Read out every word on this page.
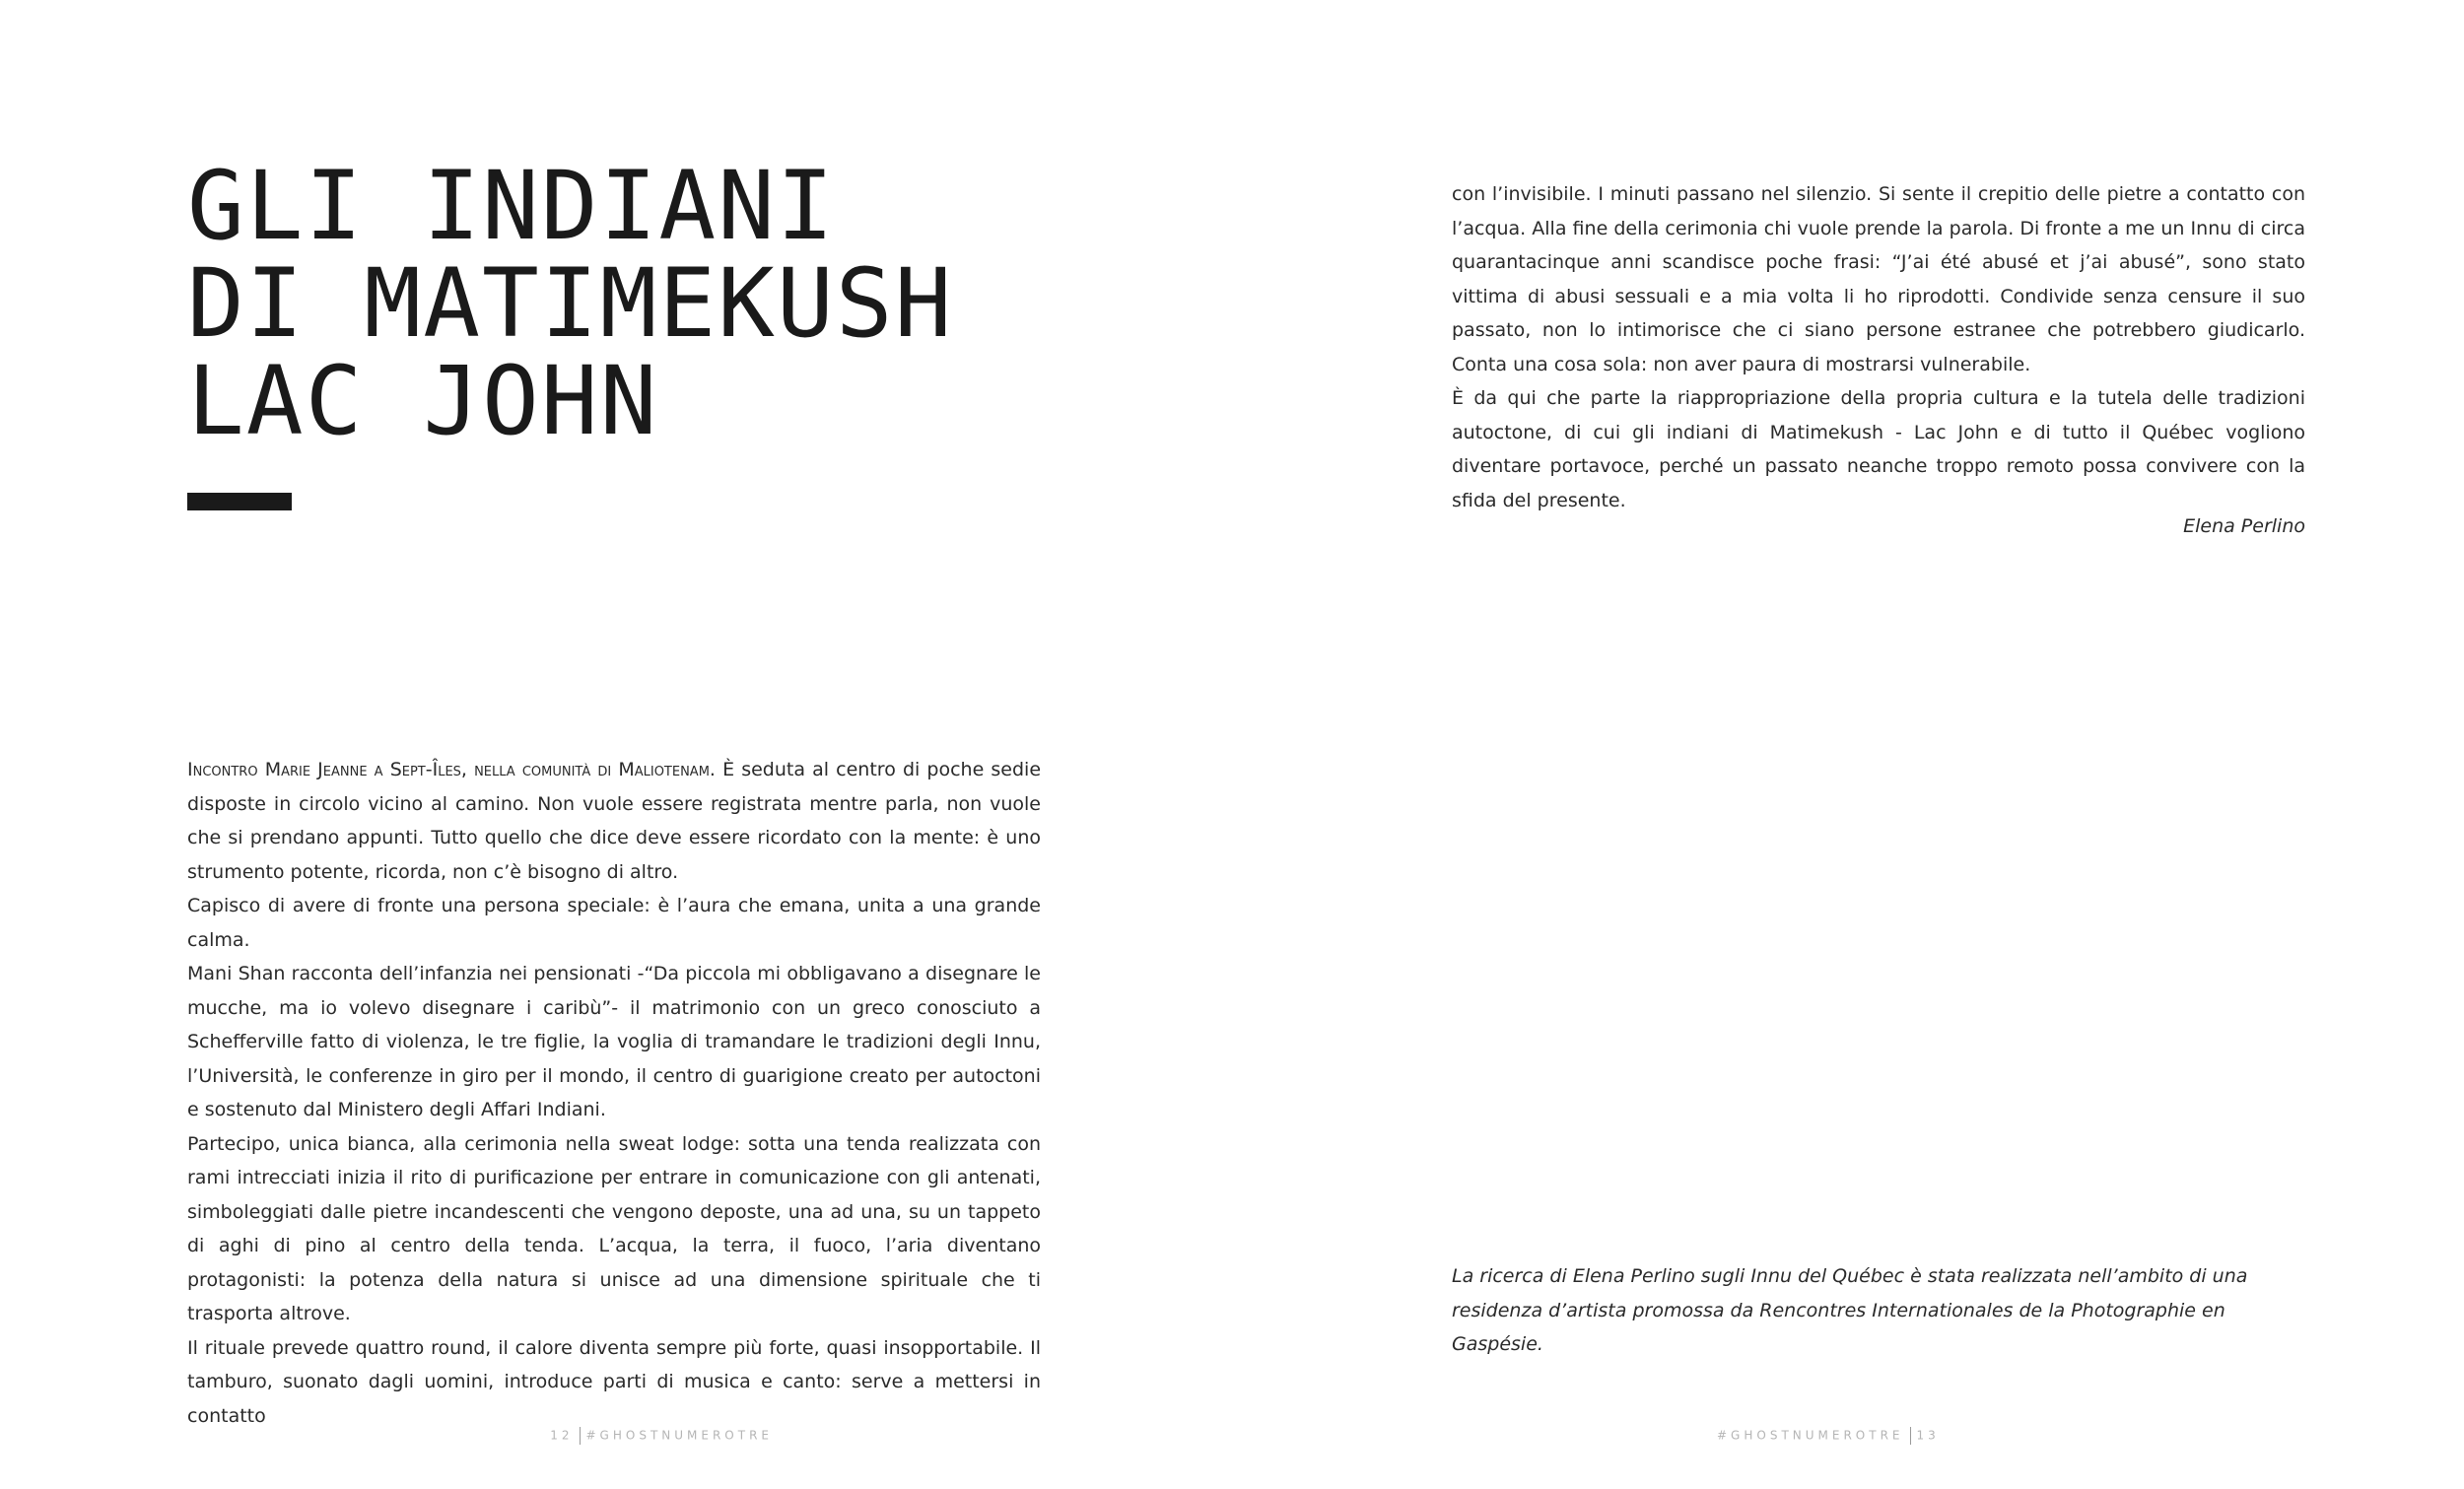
GLI INDIANI
DI MATIMEKUSH
LAC JOHN

Incontro Marie Jeanne a Sept-Îles, nella comunità di Maliotenam. È seduta al centro di poche sedie disposte in circolo vicino al camino. Non vuole essere registrata mentre parla, non vuole che si prendano appunti. Tutto quello che dice deve essere ricordato con la mente: è uno strumento potente, ricorda, non c’è bisogno di altro.

Capisco di avere di fronte una persona speciale: è l’aura che emana, unita a una grande calma.

Mani Shan racconta dell’infanzia nei pensionati -“Da piccola mi obbligavano a disegnare le mucche, ma io volevo disegnare i caribù”- il matrimonio con un greco conosciuto a Schefferville fatto di violenza, le tre figlie, la voglia di tramandare le tradizioni degli Innu, l’Università, le conferenze in giro per il mondo, il centro di guarigione creato per autoctoni e sostenuto dal Ministero degli Affari Indiani.

Partecipo, unica bianca, alla cerimonia nella sweat lodge: sotta una tenda realizzata con rami intrecciati inizia il rito di purificazione per entrare in comunicazione con gli antenati, simboleggiati dalle pietre incandescenti che vengono deposte, una ad una, su un tappeto di aghi di pino al centro della tenda. L’acqua, la terra, il fuoco, l’aria diventano protagonisti: la potenza della natura si unisce ad una dimensione spirituale che ti trasporta altrove.

Il rituale prevede quattro round, il calore diventa sempre più forte, quasi insopportabile. Il tamburo, suonato dagli uomini, introduce parti di musica e canto: serve a mettersi in contatto

con l’invisibile. I minuti passano nel silenzio. Si sente il crepitio delle pietre a contatto con l’acqua. Alla fine della cerimonia chi vuole prende la parola. Di fronte a me un Innu di circa quarantacinque anni scandisce poche frasi: “J’ai été abusé et j’ai abusé”, sono stato vittima di abusi sessuali e a mia volta li ho riprodotti. Condivide senza censure il suo passato, non lo intimorisce che ci siano persone estranee che potrebbero giudicarlo. Conta una cosa sola: non aver paura di mostrarsi vulnerabile.

È da qui che parte la riappropriazione della propria cultura e la tutela delle tradizioni autoctone, di cui gli indiani di Matimekush - Lac John e di tutto il Québec vogliono diventare portavoce, perché un passato neanche troppo remoto possa convivere con la sfida del presente.

Elena Perlino
La ricerca di Elena Perlino sugli Innu del Québec è stata realizzata nell’ambito di una residenza d’artista promossa da Rencontres Internationales de la Photographie en Gaspésie.
12 #GHOSTNUMEROTRE	#GHOSTNUMEROTRE 13
